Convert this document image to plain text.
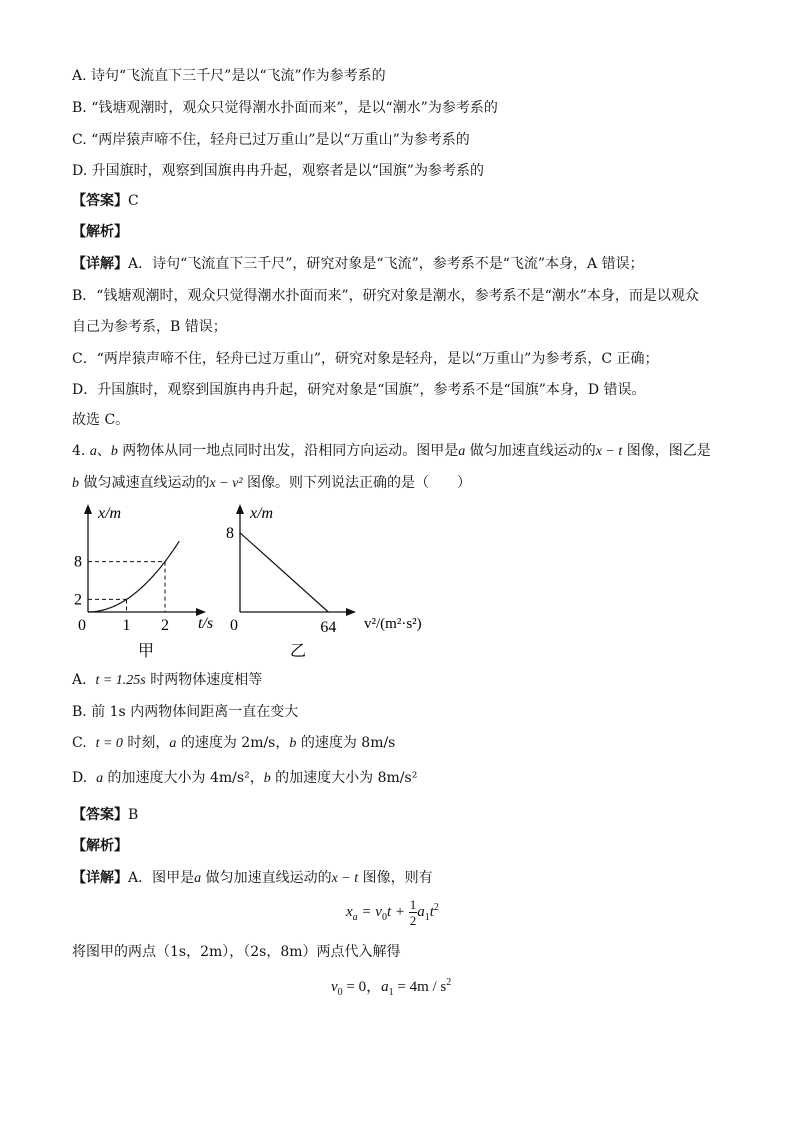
A. 诗句“飞流直下三千尺”是以“飞流”作为参考系的
B. “钱塘观潮时，观众只觉得潮水扑面而来”，是以“潮水”为参考系的
C. “两岸猿声啼不住，轻舟已过万重山”是以“万重山”为参考系的
D. 升国旗时，观察到国旗冉冉升起，观察者是以“国旗”为参考系的
【答案】C
【解析】
【详解】A．诗句“飞流直下三千尺”，研究对象是“飞流”，参考系不是“飞流”本身，A 错误；
B．“钱塘观潮时，观众只觉得潮水扑面而来”，研究对象是潮水，参考系不是“潮水”本身，而是以观众
自己为参考系，B 错误；
C．“两岸猿声啼不住，轻舟已过万重山”，研究对象是轻舟，是以“万重山”为参考系，C 正确；
D．升国旗时，观察到国旗冉冉升起，研究对象是“国旗”，参考系不是“国旗”本身，D 错误。
故选 C。
4. a、b 两物体从同一地点同时出发，沿相同方向运动。图甲是a 做匀加速直线运动的x − t 图像，图乙是
b 做匀减速直线运动的x − v² 图像。则下列说法正确的是（　　）
x/m
t/s
0
2
8
1 2
甲
x/m
8
0	64 v²/(m²·s²)
乙
A. t = 1.25s 时两物体速度相等
B. 前 1s 内两物体间距离一直在变大
C. t = 0 时刻，a 的速度为 2m/s，b 的速度为 8m/s
D. a 的加速度大小为 4m/s²，b 的加速度大小为 8m/s²
【答案】B
【解析】
【详解】A．图甲是a 做匀加速直线运动的x − t 图像，则有
$x_a = v_0t + \frac{1}{2} a_1t^2$
将图甲的两点（1s，2m），（2s，8m）两点代入解得
$v_0 = 0$，$a_1 = 4m / s^2$
